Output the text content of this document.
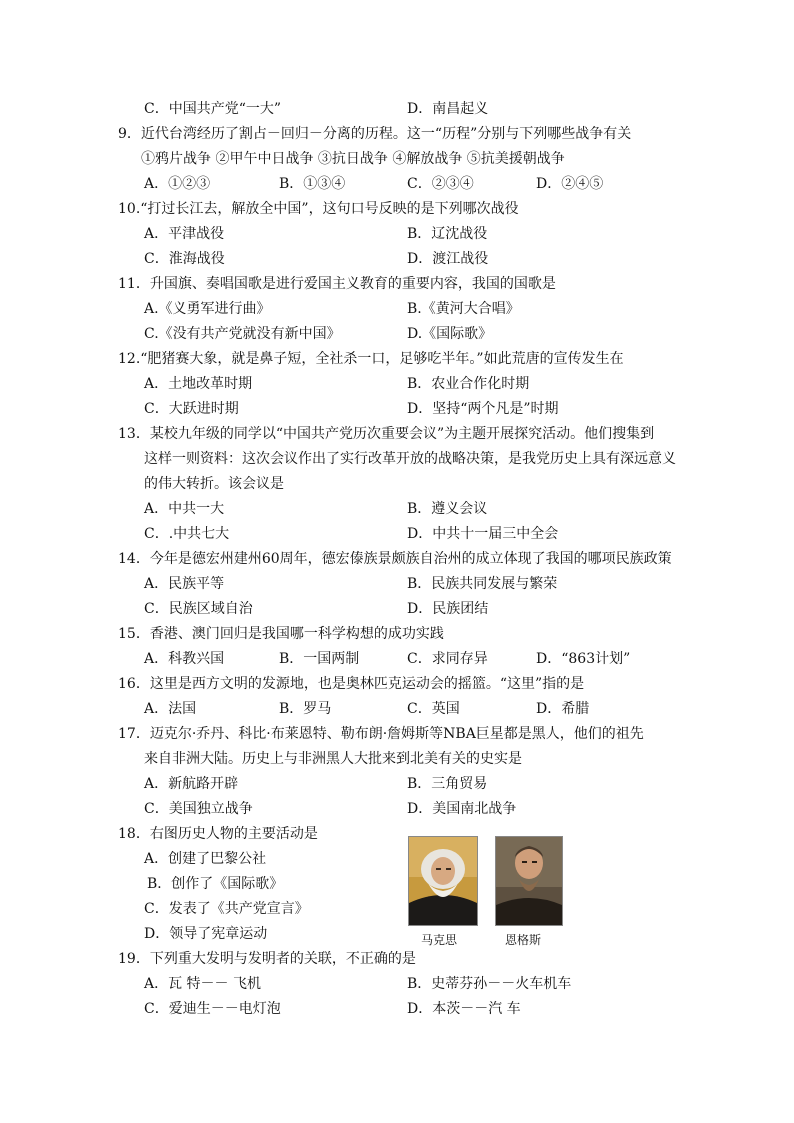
C．中国共产党“一大”	D．南昌起义
9．近代台湾经历了割占－回归－分离的历程。这一“历程”分别与下列哪些战争有关
①鸦片战争 ②甲午中日战争 ③抗日战争 ④解放战争 ⑤抗美援朝战争
A．①②③	B．①③④	C．②③④	D．②④⑤
10.“打过长江去，解放全中国”，这句口号反映的是下列哪次战役
A．平津战役	B．辽沈战役
C．淮海战役	D．渡江战役
11．升国旗、奏唱国歌是进行爱国主义教育的重要内容，我国的国歌是
A.《义勇军进行曲》	B.《黄河大合唱》
C.《没有共产党就没有新中国》	D.《国际歌》
12.“肥猪赛大象，就是鼻子短，全社杀一口，足够吃半年。”如此荒唐的宣传发生在
A．土地改革时期	B．农业合作化时期
C．大跃进时期	D．坚持“两个凡是”时期
13．某校九年级的同学以“中国共产党历次重要会议”为主题开展探究活动。他们搜集到
这样一则资料：这次会议作出了实行改革开放的战略决策，是我党历史上具有深远意义
的伟大转折。该会议是
A．中共一大	B．遵义会议
C．.中共七大	D．中共十一届三中全会
14．今年是德宏州建州60周年，德宏傣族景颇族自治州的成立体现了我国的哪项民族政策
A．民族平等	B．民族共同发展与繁荣
C．民族区域自治	D．民族团结
15．香港、澳门回归是我国哪一科学构想的成功实践
A．科教兴国	B．一国两制	C．求同存异	D．“863计划”
16．这里是西方文明的发源地，也是奥林匹克运动会的摇篮。“这里”指的是
A．法国	B．罗马	C．英国	D．希腊
17．迈克尔·乔丹、科比·布莱恩特、勒布朗·詹姆斯等NBA巨星都是黑人，他们的祖先
来自非洲大陆。历史上与非洲黑人大批来到北美有关的史实是
A．新航路开辟	B．三角贸易
C．美国独立战争	D．美国南北战争
18．右图历史人物的主要活动是
A．创建了巴黎公社
B．创作了《国际歌》
C．发表了《共产党宣言》
D．领导了宪章运动	马克思	恩格斯
19．下列重大发明与发明者的关联，不正确的是
A．瓦 特－－ 飞机	B．史蒂芬孙－－火车机车
C．爱迪生－－电灯泡	D．本茨－－汽 车
